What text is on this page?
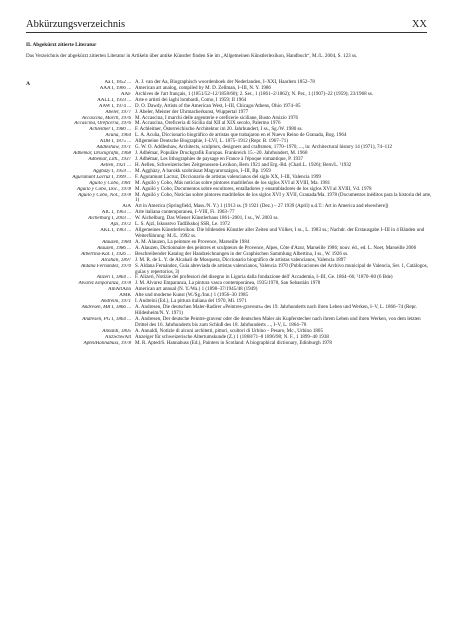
Abkürzungsverzeichnis	XX
II. Abgekürzt zitierte Literatur
Das Verzeichnis der abgekürzt zitierten Literatur in Artikeln über antike Künstler finden Sie im „Allgemeinen Künstlerlexikon, Handbuch“, M./L. 2004, S. 123 ss.
A	Aa I, 1852 ... A. J. van der Aa, Biographisch woordenboek der Nederlanden, I–XXI, Haarlem 1852–78
AAA I, 1966 ... American art analog, compiled by M. D. Zellman, I–III, N. Y. 1986
AAF Archives de l'art français, 1 (1851/52–12/1858/60); 2. Ser., 1 (1861–2/1862); N. Per., 1 (1907)–22 (1959); 23/1968 ss.
AALL I, 1959 ... Arte e artisti dei laghi lombardi, Como, I 1959; II 1964
AAW I, 1974 ... D. O. Dawdy, Artists of the American West, I–III, Chicago/Athens, Ohio 1974–85
Abeler, 1977 J. Abeler, Meister der Uhrmacherkunst, Wuppertal 1977
Accascina, March, 1976 M. Accascina, I marchi delle argenterie e oreficerie siciliane, Busto Arsizio 1976
Accascina, Oreficeria, 1976 M. Accascina, Oreficeria di Sicilia dal XII al XIX secolo, Palermo 1976
Achleitner I, 1980 ... F. Achleitner, Österreichische Architektur im 20. Jahrhundert, I ss., Sg./W. 1980 ss.
Acuña, 1964 L. A. Acuña, Diccionario biográfico de artistas que trabajaron en el Nuevo Reino de Granada, Bog. 1964
ADB I, 1875 ... Allgemeine Deutsche Biographie, I–LVI, L. 1875–1912 (Repr. B. 1967–71)
Addleshaw, 1971 G. W. O. Addleshaw, Architects, sculptors, designers and craftsmen, 1770–1970, ..., in: Architectural history 14 (1971), 74–112
Adhémar, Druckgrafik, 1968 J. Adhémar, Populäre Druckgrafik Europas. Frankreich 15.–20. Jahrhundert, M. 1968
Adhémar, Lith., 1937 J. Adhémar, Les lithographies de paysage en France à l'époque romantique, P. 1937
Aellen, 1921 ... H. Aellen, Schweizerisches Zeitgenossen-Lexikon, Bern 1921 and Erg.-Bd. (Charl.L. 1926); Bern/L. ²1932
Agghàzy I, 1959 ... M. Agghàzy, A barokk szobrászat Magyarországon, I–III, Bp. 1959
Aguramunt Lacruz I, 1999 ... F. Aguramunt Lacruz, Diccionario de artistas valencianos del siglo XX, I–III, Valencia 1999
Aguiló y Cobo, 1981 M. Aguiló y Cobo, Más noticias sobre pintores madrileños de los siglos XVI al XVIII, Ma. 1981
Aguiló y Cobo, Doc., 1978 M. Aguiló y Cobo, Documentos sobre escultores, entalladores y ensambladores de los siglos XVI al XVIII, Vd. 1978
Aguiló y Cobo, Not., 1978 M. Aguiló y Cobo, Noticias sobre pintores madrileños de los siglos XVI y XVII, Granada/Ma. 1978 (Documentos inéditos para la historia del arte, 1)
AiA Art in America (Springfield, Mass./N. Y.) 1 (1913 ss. [9 1921 (Dez.) – 27 1939 (April) u.d.T.: Art in America and elsewhere])
AIC I, 1963 ... Arte italiana contemporanea, I–VIII, Fi. 1963–77
Aichelburg I, 2003 ... W. Aichelburg, Das Wiener Künstlerhaus 1861–2001, I ss., W. 2003 ss.
Ajzi, 1972 L. S. Ajzi, Iskusstvo Tadžikskoj SSR, Le. 1972
AKL I, 1983 ... Allgemeines Künstlerlexikon. Die bildenden Künstler aller Zeiten und Völker, I ss., L. 1983 ss.; Nachdr. der Erstausgabe I–III in 4 Bänden und Weiterführung: M./L. 1992 ss.
Alauzen, 1984 A. M. Alauzen, La peinture en Provence, Marseille 1984
Alauzen, 1986 ... A. Alauzen, Dictionnaire des peintres et sculpteurs de Provence, Alpes, Côte d'Azur, Marseille 1986; nouv. éd., ed. L. Noet, Marseille 2006
Albertina-Kat. I, 1926 ... Beschreibender Katalog der Handzeichnungen in der Graphischen Sammlung Albertina, I ss., W. 1926 ss.
Alcahali, 1897 J. M. R. de L. Y. de Alcahalí de Mosquera, Diccionario biográfico de artistas valencianos, Valencia 1897
Aldana Fernández, 1970 S. Aldana Fernández, Guía abreviada de artistas valencianos, Valencia 1970 (Publicaciones del Archivo municipal de Valencia, Ser. 1, Catálogos, guías y repertorios, 3)
Alizeri I, 1864 ... F. Alizeri, Notizie dei professori del disegno in Liguria dalla fondazione dell' Accademia, I–III, Ge. 1864–66; ²1870–80 (6 Bde)
Alvarez Emparanza, 1978 J. M. Alvarez Emparanza, La pintura vasca contemporánea, 1935/1978, San Sebastián 1978
AmArtAnn American art annual (N. Y./Wa.) 1 (1898–37/1945/48 (1949)
AMK Alte und moderne Kunst (W./Sg./Inn.) 1 (1956–30 1985
Andreini, 1971 I. Andreini (Ed.), La pittura italiana del 1970, Mi. 1971
Andresen, MR I, 1866 ... A. Andresen, Die deutschen Maler-Radirer «Peintres-graveurs» des 19. Jahrhunderts nach ihren Leben und Werken, I–V, L. 1866–74 (Repr. Hildesheim/N. Y. 1971)
Andresen, PG I, 1864 ... A. Andresen, Der deutsche Peintre-graveur oder die deutschen Maler als Kupferstecher nach ihrem Leben und ihren Werken, von dem letzten Drittel des 16. Jahrhunderts bis zum Schluß des 18. Jahrhunderts ..., I–V, L. 1864–78
Annaldi, 1805 A. Annaldi, Notizie di alcuni architetti, pittori, scultori di Urbino – Pesaro, Mc., Urbino 1805
AnzSchwAlt Anzeiger für schweizerische Altertumskunde (Z.) 1 (1868/71–8 1896/98; N. F., 1 1899–40 1938
ApteilHannabuss, 1978 M. R. Apted/S. Hannabuss (Ed.), Painters in Scotland: A biographical dictionary, Edinburgh 1978
